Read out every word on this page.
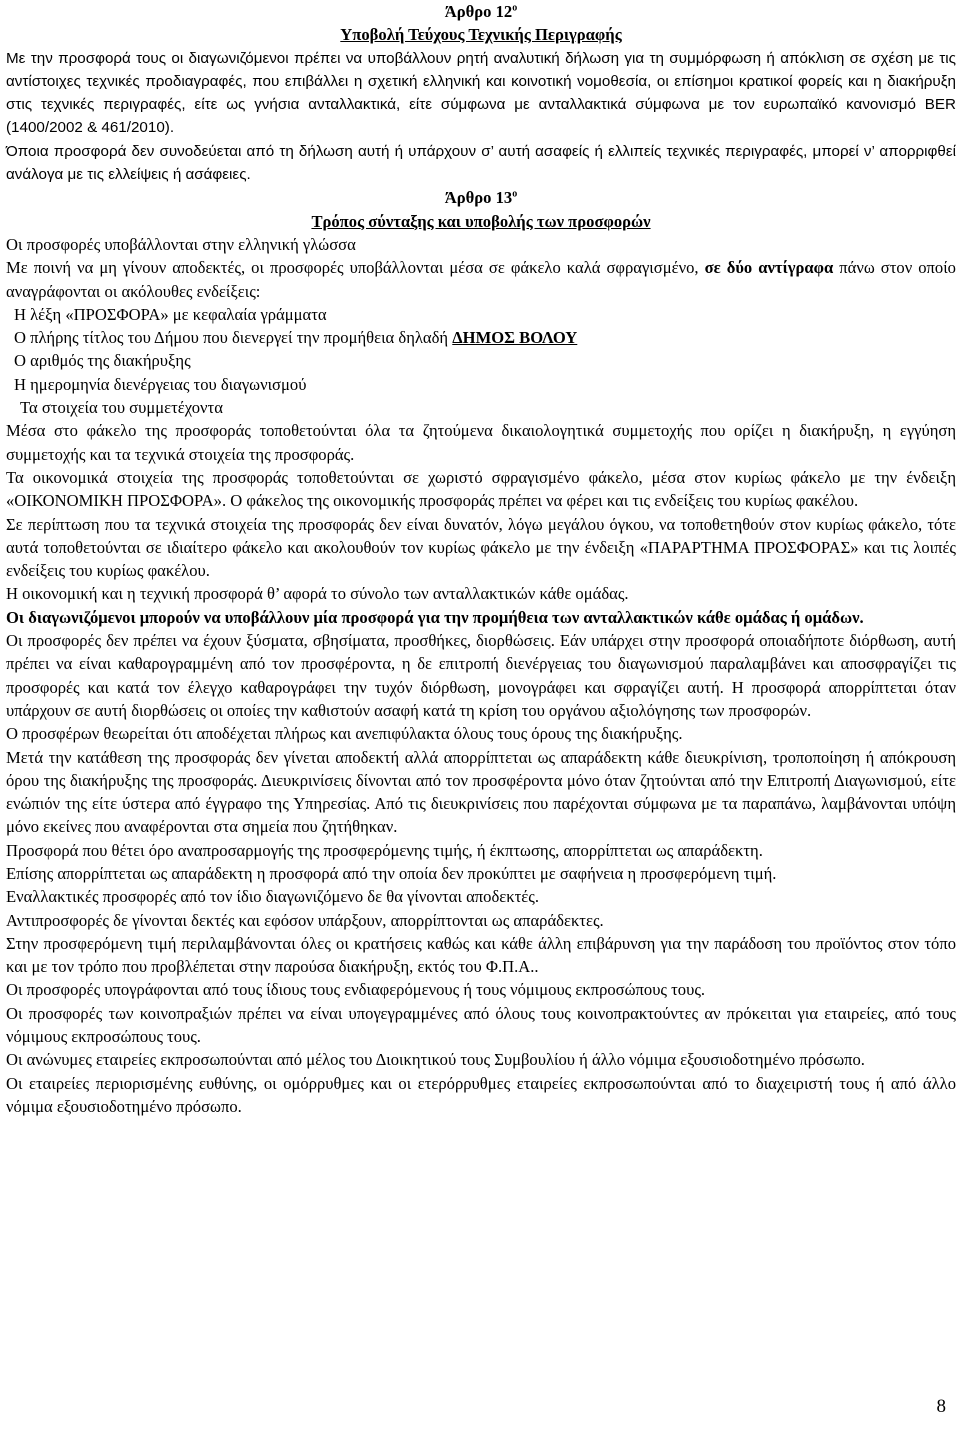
Άρθρο $12^o$

Υποβολή Τεύχους Τεχνικής Περιγραφής

Με την προσφορά τους οι διαγωνιζόμενοι πρέπει να υποβάλλουν ρητή αναλυτική δήλωση για τη συμμόρφωση ή απόκλιση σε σχέση με τις αντίστοιχες τεχνικές προδιαγραφές, που επιβάλλει η σχετική ελληνική και κοινοτική νομοθεσία, οι επίσημοι κρατικοί φορείς και η διακήρυξη στις τεχνικές περιγραφές, είτε ως γνήσια ανταλλακτικά, είτε σύμφωνα με ανταλλακτικά σύμφωνα με τον ευρωπαϊκό κανονισμό BER (1400/2002 & 461/2010).

Όποια προσφορά δεν συνοδεύεται από τη δήλωση αυτή ή υπάρχουν σ’ αυτή ασαφείς ή ελλιπείς τεχνικές περιγραφές, μπορεί ν’ απορριφθεί ανάλογα με τις ελλείψεις ή ασάφειες.

Άρθρο $13^o$

Τρόπος σύνταξης και υποβολής των προσφορών

Οι προσφορές υποβάλλονται στην ελληνική γλώσσα

Με ποινή να μη γίνουν αποδεκτές, οι προσφορές υποβάλλονται μέσα σε φάκελο καλά σφραγισμένο, σε δύο αντίγραφα πάνω στον οποίο αναγράφονται οι ακόλουθες ενδείξεις:

Η λέξη «ΠΡΟΣΦΟΡΑ» με κεφαλαία γράμματα

Ο πλήρης τίτλος του Δήμου που διενεργεί την προμήθεια δηλαδή ΔΗΜΟΣ ΒΟΛΟΥ

Ο αριθμός της διακήρυξης

Η ημερομηνία διενέργειας του διαγωνισμού

Τα στοιχεία του συμμετέχοντα

Μέσα στο φάκελο της προσφοράς τοποθετούνται όλα τα ζητούμενα δικαιολογητικά συμμετοχής που ορίζει η διακήρυξη, η εγγύηση συμμετοχής και τα τεχνικά στοιχεία της προσφοράς.

Τα οικονομικά στοιχεία της προσφοράς τοποθετούνται σε χωριστό σφραγισμένο φάκελο, μέσα στον κυρίως φάκελο με την ένδειξη «ΟΙΚΟΝΟΜΙΚΗ ΠΡΟΣΦΟΡΑ». Ο φάκελος της οικονομικής προσφοράς πρέπει να φέρει και τις ενδείξεις του κυρίως φακέλου.

Σε περίπτωση που τα τεχνικά στοιχεία της προσφοράς δεν είναι δυνατόν, λόγω μεγάλου όγκου, να τοποθετηθούν στον κυρίως φάκελο, τότε αυτά τοποθετούνται σε ιδιαίτερο φάκελο και ακολουθούν τον κυρίως φάκελο με την ένδειξη «ΠΑΡΑΡΤΗΜΑ ΠΡΟΣΦΟΡΑΣ» και τις λοιπές ενδείξεις του κυρίως φακέλου.

Η οικονομική και η τεχνική προσφορά θ’ αφορά το σύνολο των ανταλλακτικών κάθε ομάδας.

Οι διαγωνιζόμενοι μπορούν να υποβάλλουν μία προσφορά για την προμήθεια των ανταλλακτικών κάθε ομάδας ή ομάδων.

Οι προσφορές δεν πρέπει να έχουν ξύσματα, σβησίματα, προσθήκες, διορθώσεις. Εάν υπάρχει στην προσφορά οποιαδήποτε διόρθωση, αυτή πρέπει να είναι καθαρογραμμένη από τον προσφέροντα, η δε επιτροπή διενέργειας του διαγωνισμού παραλαμβάνει και αποσφραγίζει τις προσφορές και κατά τον έλεγχο καθαρογράφει την τυχόν διόρθωση, μονογράφει και σφραγίζει αυτή. Η προσφορά απορρίπτεται όταν υπάρχουν σε αυτή διορθώσεις οι οποίες την καθιστούν ασαφή κατά τη κρίση του οργάνου αξιολόγησης των προσφορών.

Ο προσφέρων θεωρείται ότι αποδέχεται πλήρως και ανεπιφύλακτα όλους τους όρους της διακήρυξης.

Μετά την κατάθεση της προσφοράς δεν γίνεται αποδεκτή αλλά απορρίπτεται ως απαράδεκτη κάθε διευκρίνιση, τροποποίηση ή απόκρουση όρου της διακήρυξης της προσφοράς. Διευκρινίσεις δίνονται από τον προσφέροντα μόνο όταν ζητούνται από την Επιτροπή Διαγωνισμού, είτε ενώπιόν της είτε ύστερα από έγγραφο της Υπηρεσίας. Από τις διευκρινίσεις που παρέχονται σύμφωνα με τα παραπάνω, λαμβάνονται υπόψη μόνο εκείνες που αναφέρονται στα σημεία που ζητήθηκαν.

Προσφορά που θέτει όρο αναπροσαρμογής της προσφερόμενης τιμής, ή έκπτωσης, απορρίπτεται ως απαράδεκτη.

Επίσης απορρίπτεται ως απαράδεκτη η προσφορά από την οποία δεν προκύπτει με σαφήνεια η προσφερόμενη τιμή.

Εναλλακτικές προσφορές από τον ίδιο διαγωνιζόμενο δε θα γίνονται αποδεκτές.

Αντιπροσφορές δε γίνονται δεκτές και εφόσον υπάρξουν, απορρίπτονται ως απαράδεκτες.

Στην προσφερόμενη τιμή περιλαμβάνονται όλες οι κρατήσεις καθώς και κάθε άλλη επιβάρυνση για την παράδοση του προϊόντος στον τόπο και με τον τρόπο που προβλέπεται στην παρούσα διακήρυξη, εκτός του Φ.Π.Α..

Οι προσφορές υπογράφονται από τους ίδιους τους ενδιαφερόμενους ή τους νόμιμους εκπροσώπους τους.

Οι προσφορές των κοινοπραξιών πρέπει να είναι υπογεγραμμένες από όλους τους κοινοπρακτούντες αν πρόκειται για εταιρείες, από τους νόμιμους εκπροσώπους τους.

Οι ανώνυμες εταιρείες εκπροσωπούνται από μέλος του Διοικητικού τους Συμβουλίου ή άλλο νόμιμα εξουσιοδοτημένο πρόσωπο.

Οι εταιρείες περιορισμένης ευθύνης, οι ομόρρυθμες και οι ετερόρρυθμες εταιρείες εκπροσωπούνται από το διαχειριστή τους ή από άλλο νόμιμα εξουσιοδοτημένο πρόσωπο.

8
